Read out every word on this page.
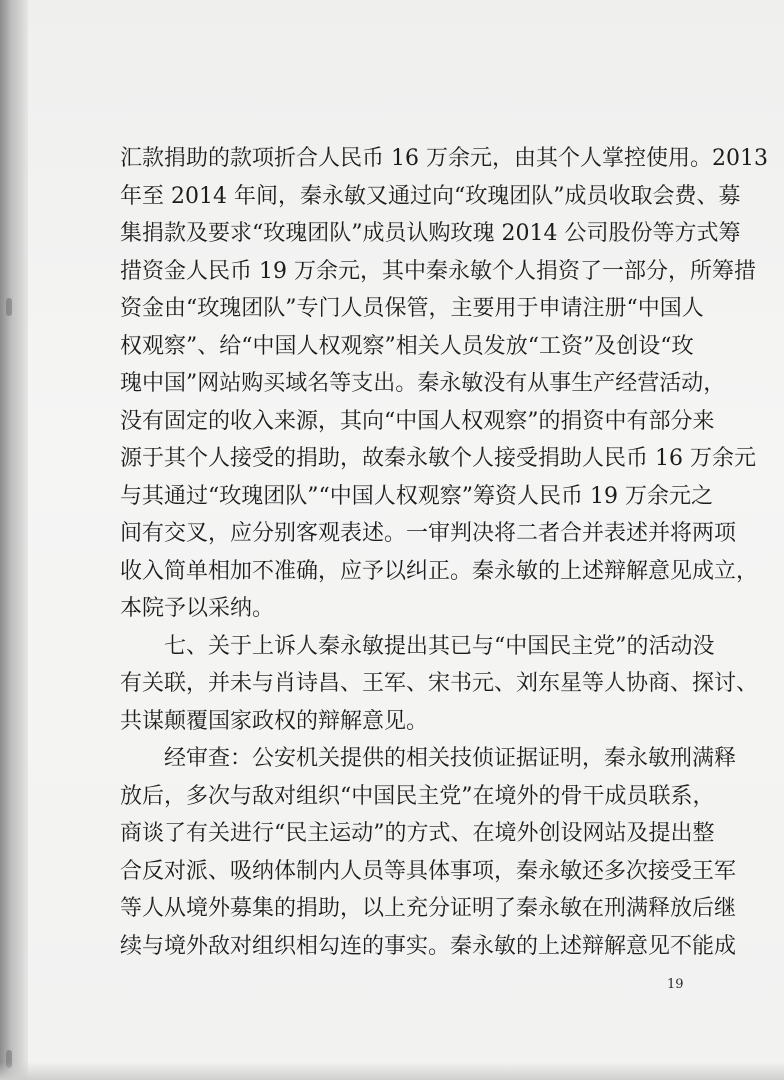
汇款捐助的款项折合人民币 16 万余元，由其个人掌控使用。2013
年至 2014 年间，秦永敏又通过向“玫瑰团队”成员收取会费、募
集捐款及要求“玫瑰团队”成员认购玫瑰 2014 公司股份等方式筹
措资金人民币 19 万余元，其中秦永敏个人捐资了一部分，所筹措
资金由“玫瑰团队”专门人员保管，主要用于申请注册“中国人
权观察”、给“中国人权观察”相关人员发放“工资”及创设“玫
瑰中国”网站购买域名等支出。秦永敏没有从事生产经营活动，
没有固定的收入来源，其向“中国人权观察”的捐资中有部分来
源于其个人接受的捐助，故秦永敏个人接受捐助人民币 16 万余元
与其通过“玫瑰团队”“中国人权观察”筹资人民币 19 万余元之
间有交叉，应分别客观表述。一审判决将二者合并表述并将两项
收入简单相加不准确，应予以纠正。秦永敏的上述辩解意见成立，
本院予以采纳。
　　七、关于上诉人秦永敏提出其已与“中国民主党”的活动没
有关联，并未与肖诗昌、王军、宋书元、刘东星等人协商、探讨、
共谋颠覆国家政权的辩解意见。
　　经审查：公安机关提供的相关技侦证据证明，秦永敏刑满释
放后，多次与敌对组织“中国民主党”在境外的骨干成员联系，
商谈了有关进行“民主运动”的方式、在境外创设网站及提出整
合反对派、吸纳体制内人员等具体事项，秦永敏还多次接受王军
等人从境外募集的捐助，以上充分证明了秦永敏在刑满释放后继
续与境外敌对组织相勾连的事实。秦永敏的上述辩解意见不能成
19
